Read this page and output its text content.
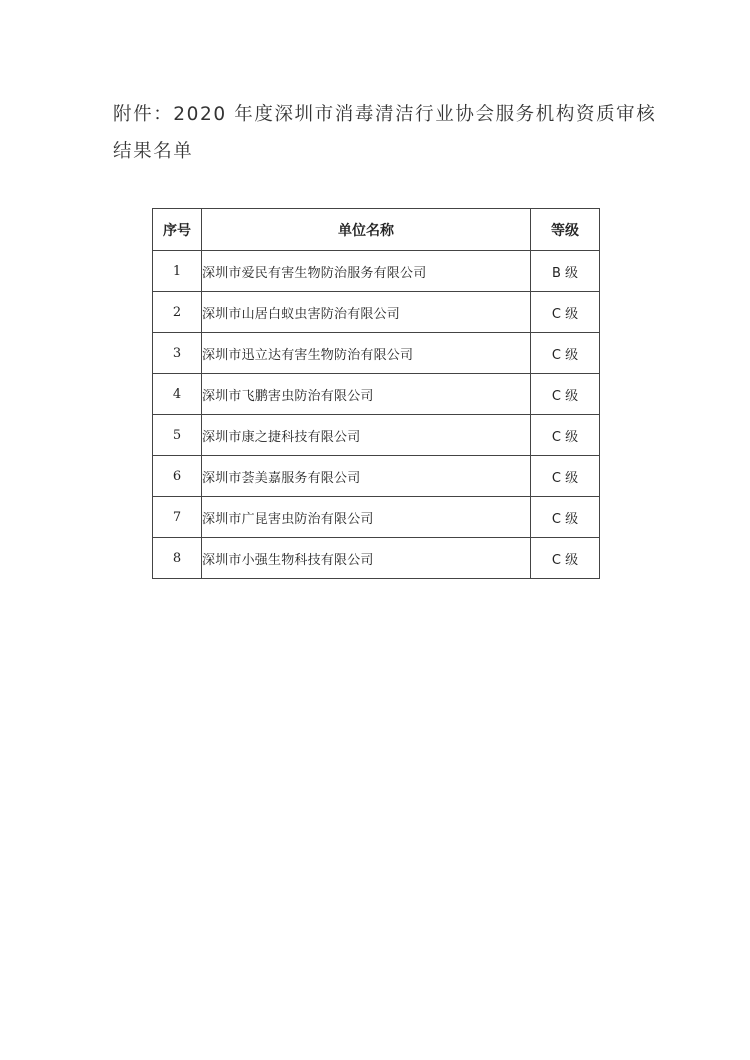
附件：2020 年度深圳市消毒清洁行业协会服务机构资质审核
结果名单
序号	单位名称	等级
1	深圳市爱民有害生物防治服务有限公司	B 级
2	深圳市山居白蚁虫害防治有限公司	C 级
3	深圳市迅立达有害生物防治有限公司	C 级
4	深圳市飞鹏害虫防治有限公司	C 级
5	深圳市康之捷科技有限公司	C 级
6	深圳市荟美嘉服务有限公司	C 级
7	深圳市广昆害虫防治有限公司	C 级
8	深圳市小强生物科技有限公司	C 级
